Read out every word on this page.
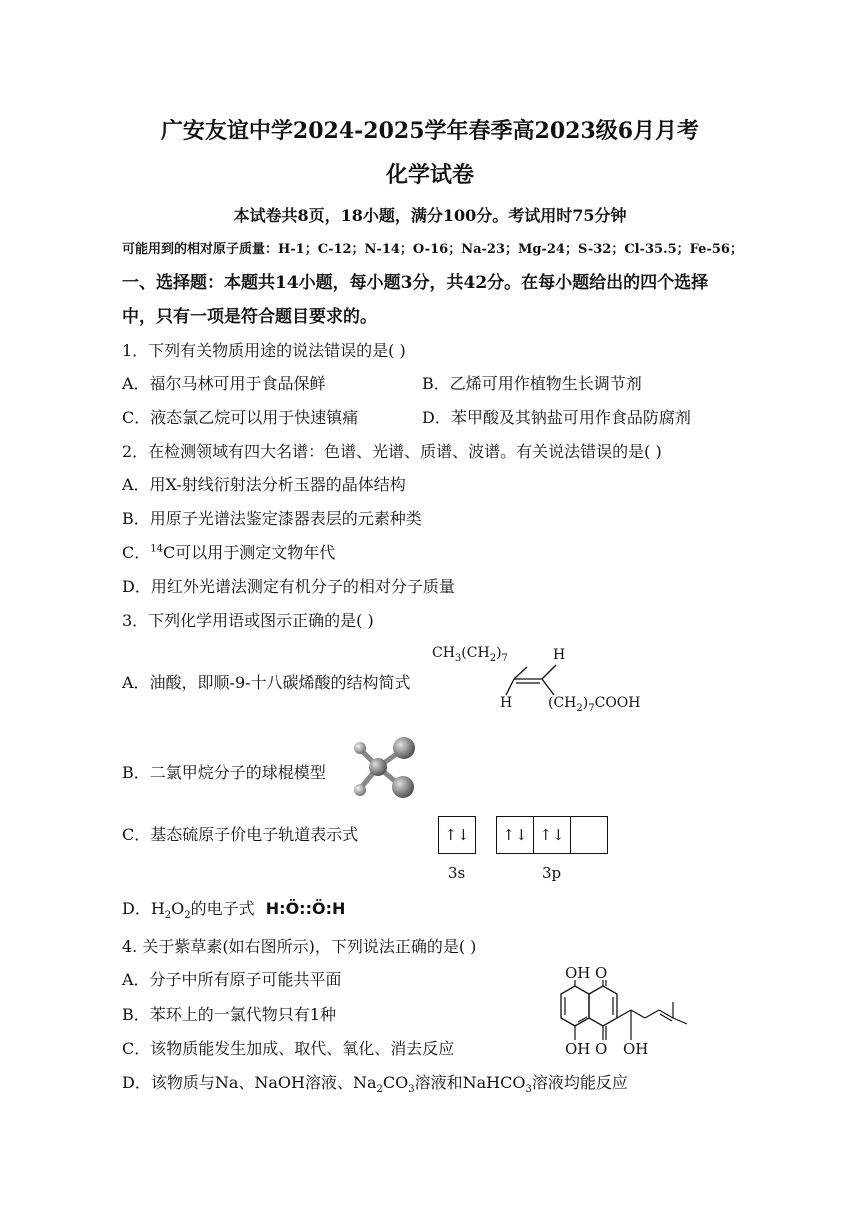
广安友谊中学2024-2025学年春季高2023级6月月考
化学试卷
本试卷共8页，18小题，满分100分。考试用时75分钟
可能用到的相对原子质量：H-1；C-12；N-14；O-16；Na-23；Mg-24；S-32；Cl-35.5；Fe-56；
一、选择题：本题共14小题，每小题3分，共42分。在每小题给出的四个选择
中，只有一项是符合题目要求的。
1．下列有关物质用途的说法错误的是( )
A．福尔马林可用于食品保鲜	B．乙烯可用作植物生长调节剂
C．液态氯乙烷可以用于快速镇痛	D．苯甲酸及其钠盐可用作食品防腐剂
2．在检测领域有四大名谱：色谱、光谱、质谱、波谱。有关说法错误的是( )
A．用X-射线衍射法分析玉器的晶体结构
B．用原子光谱法鉴定漆器表层的元素种类
C．$^{14}$C可以用于测定文物年代
D．用红外光谱法测定有机分子的相对分子质量
3．下列化学用语或图示正确的是( )
A．油酸，即顺-9-十八碳烯酸的结构简式
$CH_3(CH_2)_7$	H
H	$(CH_2)_7COOH$
B．二氯甲烷分子的球棍模型
C．基态硫原子价电子轨道表示式	↑↓	↑↓ ↑↓
3s	3p
D．$H_2O_2$的电子式 H:Ö::Ö:H
4. 关于紫草素(如右图所示)，下列说法正确的是( )
A．分子中所有原子可能共平面
B．苯环上的一氯代物只有1种
C．该物质能发生加成、取代、氧化、消去反应
D．该物质与Na、NaOH溶液、$Na_2CO_3$溶液和NaHCO$_3$溶液均能反应
OH O
OH O OH
